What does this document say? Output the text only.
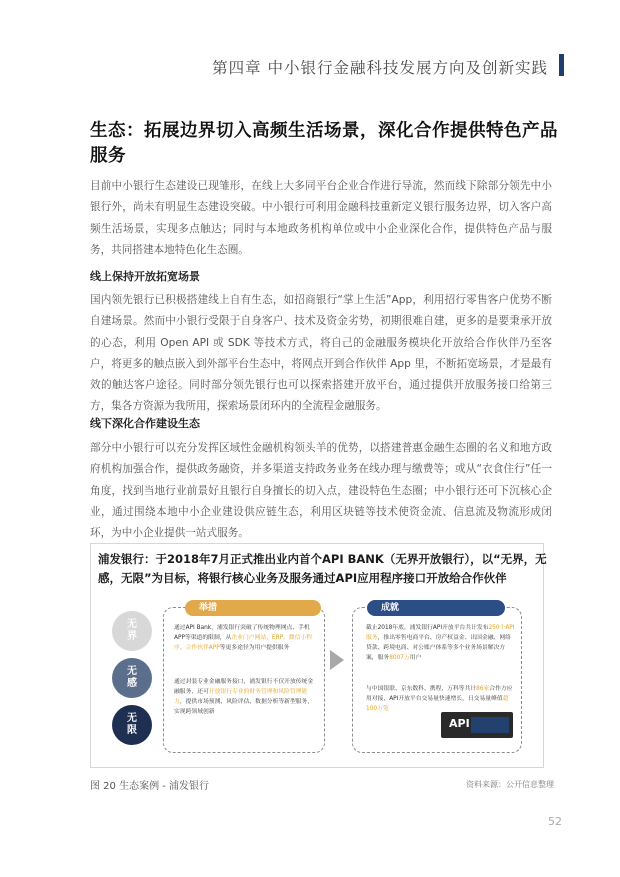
第四章 中小银行金融科技发展方向及创新实践
生态：拓展边界切入高频生活场景，深化合作提供特色产品服务
目前中小银行生态建设已现雏形，在线上大多同平台企业合作进行导流，然而线下除部分领先中小银行外，尚未有明显生态建设突破。中小银行可利用金融科技重新定义银行服务边界，切入客户高频生活场景，实现多点触达；同时与本地政务机构单位或中小企业深化合作，提供特色产品与服务，共同搭建本地特色化生态圈。
线上保持开放拓宽场景
国内领先银行已积极搭建线上自有生态，如招商银行“掌上生活”App，利用招行零售客户优势不断自建场景。然而中小银行受限于自身客户、技术及资金劣势，初期很难自建，更多的是要秉承开放的心态，利用 Open API 或 SDK 等技术方式，将自己的金融服务模块化开放给合作伙伴乃至客户，将更多的触点嵌入到外部平台生态中，将网点开到合作伙伴 App 里，不断拓宽场景，才是最有效的触达客户途径。同时部分领先银行也可以探索搭建开放平台，通过提供开放服务接口给第三方，集各方资源为我所用，探索场景闭环内的全流程金融服务。
线下深化合作建设生态
部分中小银行可以充分发挥区域性金融机构领头羊的优势，以搭建普惠金融生态圈的名义和地方政府机构加强合作，提供政务融资，并多渠道支持政务业务在线办理与缴费等；或从“衣食住行”任一角度，找到当地行业前景好且银行自身擅长的切入点，建设特色生态圈；中小银行还可下沉核心企业，通过围绕本地中小企业建设供应链生态，利用区块链等技术使资金流、信息流及物流形成闭环，为中小企业提供一站式服务。
浦发银行：于2018年7月正式推出业内首个API BANK（无界开放银行），以“无界，无感，无限”为目标，将银行核心业务及服务通过API应用程序接口开放给合作伙伴
无界
无感
无限
举措
通过API Bank，浦发银行突破了传统物理网点、手机APP等渠道的限制，从企业门户网站、ERP、微信小程序、合作伙伴APP等更多途径为用户提供服务
通过封装专业金融服务接口，浦发银行不仅开放传统金融服务，还可开放银行专业的财务管理和风险管理能力，提供市场预测、风险评估、数据分析等新型服务，实现跨领域创新
成就
截止2018年底，浦发银行API开放平台共计发布250个API服务，推出零售电商平台、房产权益金、出国金融、网络贷款、跨境电商、对公账户体系等多个业务场景解决方案，服务8007万用户
与中国银联、京东数科、携程、万科等共计86家合作方应用对接，API开放平台交易量快速增长，日交易量峰值超100万笔
API
图 20 生态案例 - 浦发银行	资料来源：公开信息整理
52
